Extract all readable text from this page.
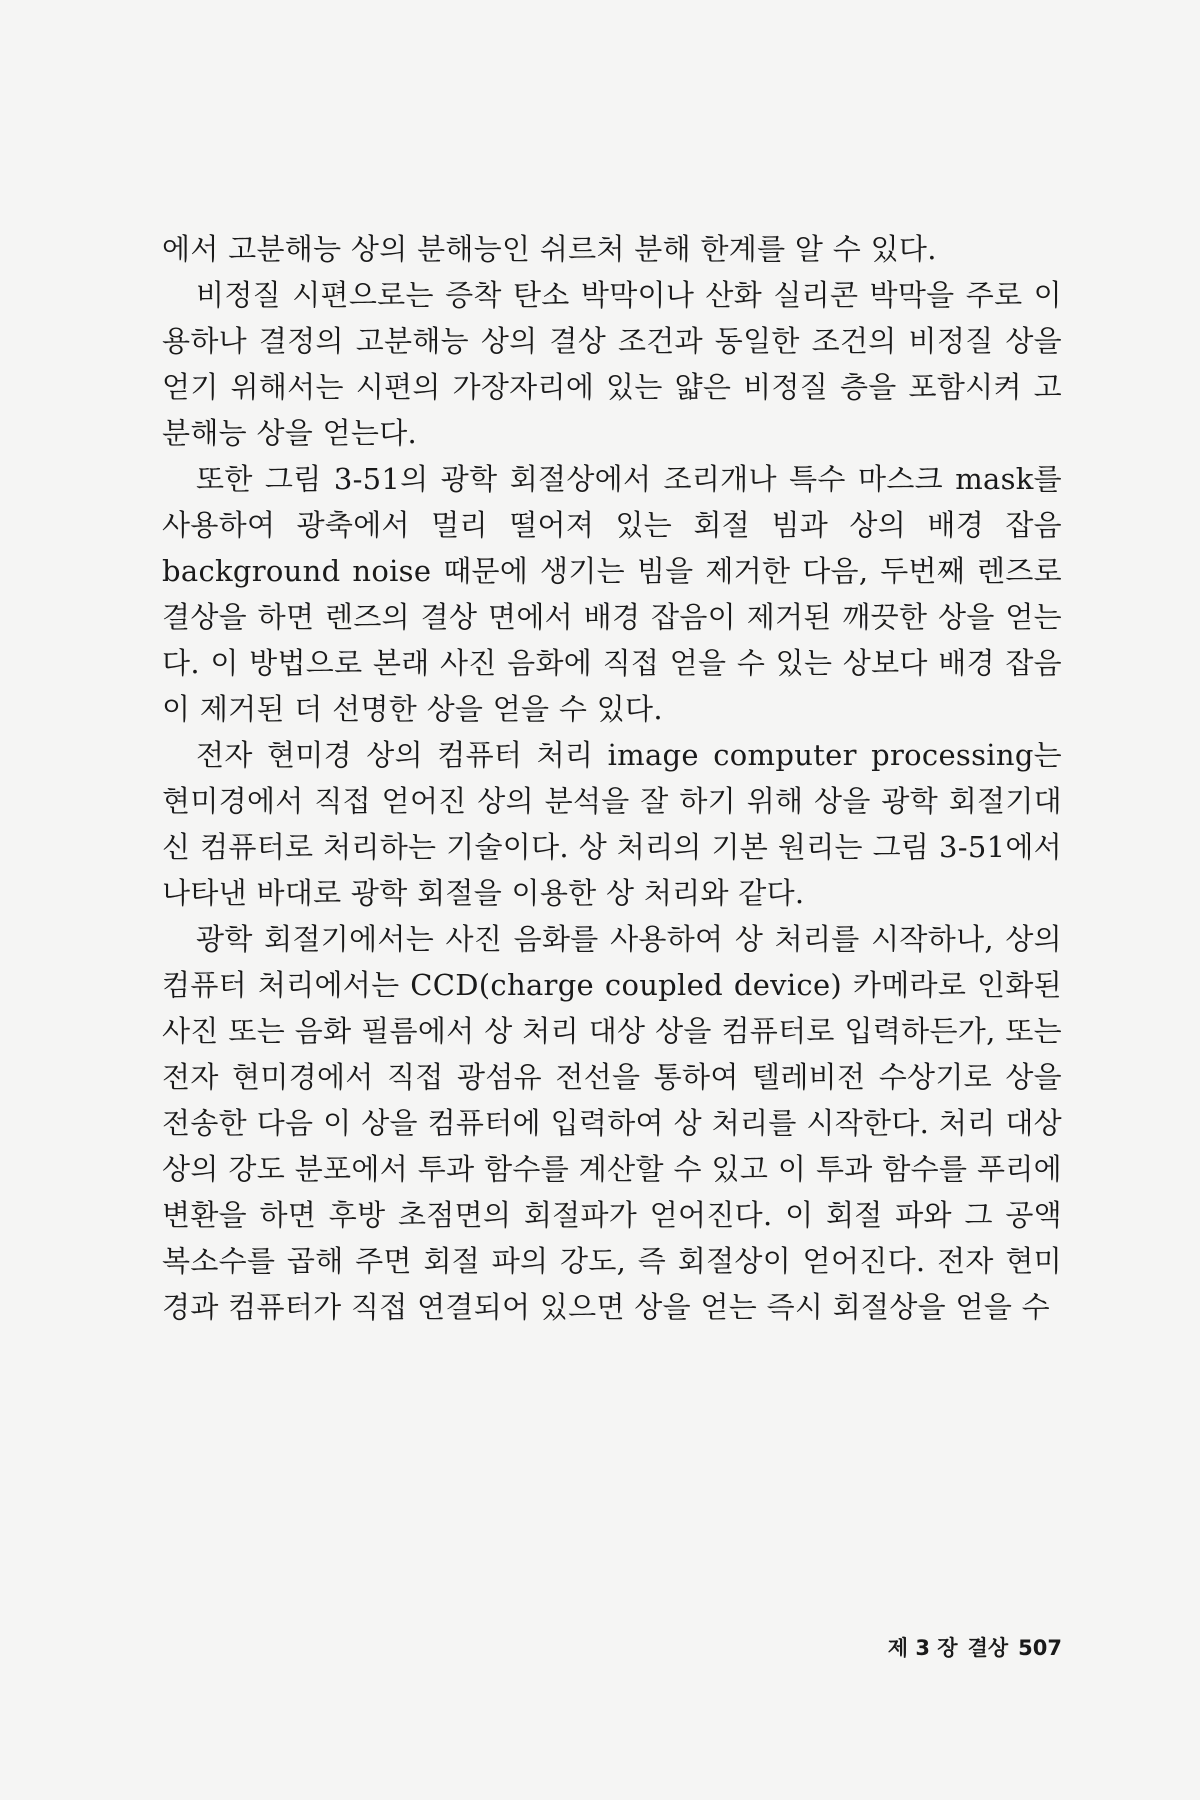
에서 고분해능 상의 분해능인 쉬르처 분해 한계를 알 수 있다.

비정질 시편으로는 증착 탄소 박막이나 산화 실리콘 박막을 주로 이용하나 결정의 고분해능 상의 결상 조건과 동일한 조건의 비정질 상을 얻기 위해서는 시편의 가장자리에 있는 얇은 비정질 층을 포함시켜 고분해능 상을 얻는다.

또한 그림 3-51의 광학 회절상에서 조리개나 특수 마스크 mask를 사용하여 광축에서 멀리 떨어져 있는 회절 빔과 상의 배경 잡음 background noise 때문에 생기는 빔을 제거한 다음, 두번째 렌즈로 결상을 하면 렌즈의 결상 면에서 배경 잡음이 제거된 깨끗한 상을 얻는다. 이 방법으로 본래 사진 음화에 직접 얻을 수 있는 상보다 배경 잡음이 제거된 더 선명한 상을 얻을 수 있다.

전자 현미경 상의 컴퓨터 처리 image computer processing는 현미경에서 직접 얻어진 상의 분석을 잘 하기 위해 상을 광학 회절기대신 컴퓨터로 처리하는 기술이다. 상 처리의 기본 원리는 그림 3-51에서 나타낸 바대로 광학 회절을 이용한 상 처리와 같다.

광학 회절기에서는 사진 음화를 사용하여 상 처리를 시작하나, 상의 컴퓨터 처리에서는 CCD(charge coupled device) 카메라로 인화된 사진 또는 음화 필름에서 상 처리 대상 상을 컴퓨터로 입력하든가, 또는 전자 현미경에서 직접 광섬유 전선을 통하여 텔레비전 수상기로 상을 전송한 다음 이 상을 컴퓨터에 입력하여 상 처리를 시작한다. 처리 대상 상의 강도 분포에서 투과 함수를 계산할 수 있고 이 투과 함수를 푸리에 변환을 하면 후방 초점면의 회절파가 얻어진다. 이 회절 파와 그 공액 복소수를 곱해 주면 회절 파의 강도, 즉 회절상이 얻어진다. 전자 현미경과 컴퓨터가 직접 연결되어 있으면 상을 얻는 즉시 회절상을 얻을 수

제 3 장 결상 507
